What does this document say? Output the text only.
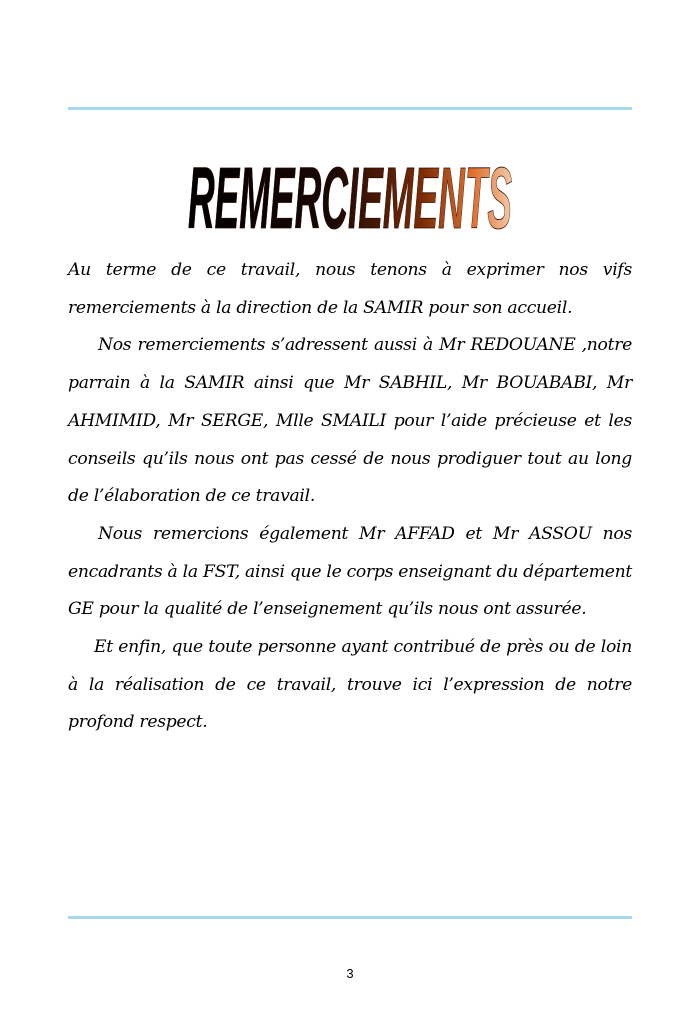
REMERCIEMENTS

Au terme de ce travail, nous tenons à exprimer nos vifs remerciements à la direction de la SAMIR pour son accueil.

Nos remerciements s’adressent aussi à Mr REDOUANE ,notre parrain à la SAMIR ainsi que Mr SABHIL, Mr BOUABABI, Mr AHMIMID, Mr SERGE, Mlle SMAILI pour l’aide précieuse et les conseils qu’ils nous ont pas cessé de nous prodiguer tout au long de l’élaboration de ce travail.

Nous remercions également Mr AFFAD et Mr ASSOU nos encadrants à la FST, ainsi que le corps enseignant du département GE pour la qualité de l’enseignement qu’ils nous ont assurée.

Et enfin, que toute personne ayant contribué de près ou de loin à la réalisation de ce travail, trouve ici l’expression de notre profond respect.

3
